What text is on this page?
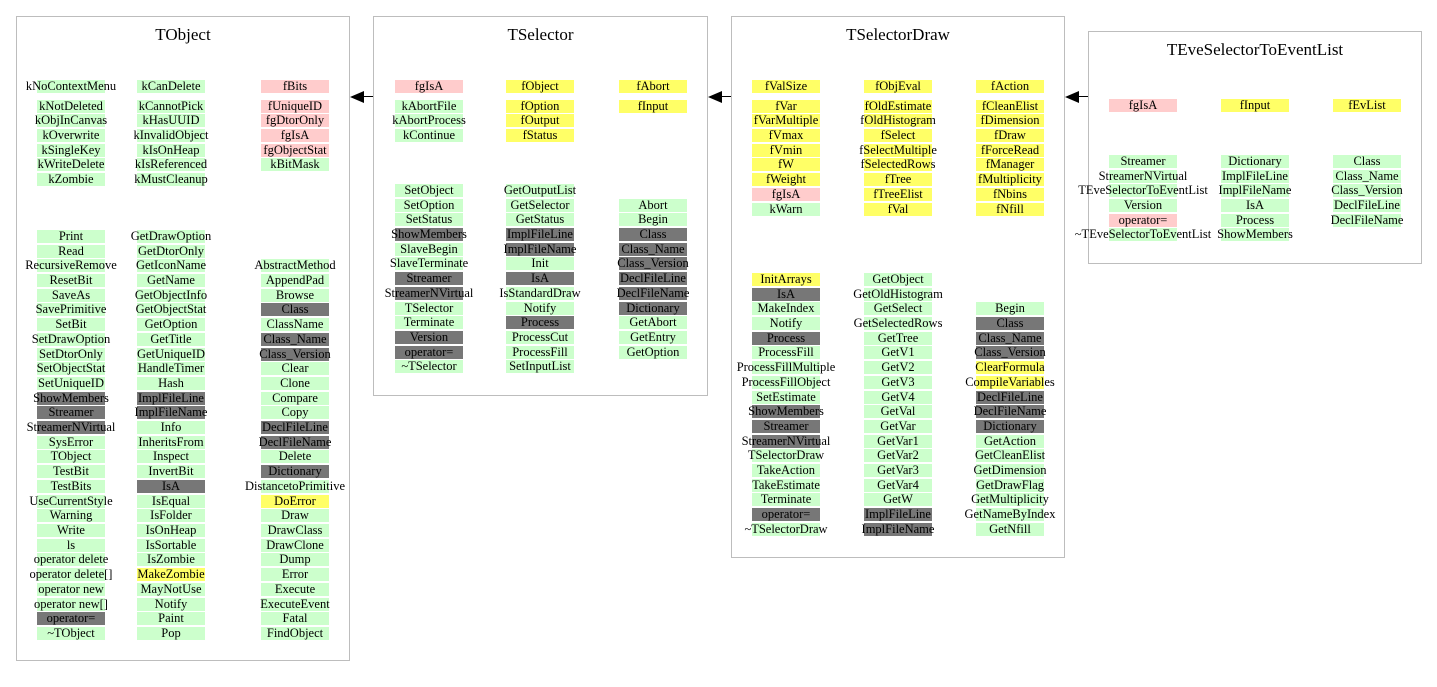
TObject	TSelector	TSelectorDraw
TEveSelectorToEventList
kNoContextMenu kCanDelete	fBits
kNotDeleted	kCannotPick	fUniqueID
kObjInCanvas	kHasUUID	fgDtorOnly
kOverwrite	kInvalidObject	fgIsA
kSingleKey	kIsOnHeap	fgObjectStat
kWriteDelete kIsReferenced	kBitMask
kZombie	kMustCleanup
Print	GetDrawOption
Read	GetDtorOnly
RecursiveRemove GetIconName	AbstractMethod
ResetBit	GetName	AppendPad
SaveAs	GetObjectInfo	Browse
SavePrimitive GetObjectStat	Class
SetBit	GetOption	ClassName
SetDrawOption	GetTitle	Class_Name
SetDtorOnly	GetUniqueID	Class_Version
SetObjectStat	HandleTimer	Clear
SetUniqueID	Hash	Clone
ShowMembers ImplFileLine	Compare
Streamer	ImplFileName	Copy
StreamerNVirtual	Info	DeclFileLine
SysError	InheritsFrom	DeclFileName
TObject	Inspect	Delete
TestBit	InvertBit	Dictionary
TestBits	IsA	DistancetoPrimitive
UseCurrentStyle	IsEqual	DoError
Warning	IsFolder	Draw
Write	IsOnHeap	DrawClass
ls	IsSortable	DrawClone
operator delete	IsZombie	Dump
operator delete[] MakeZombie	Error
operator new	MayNotUse	Execute
operator new[]	Notify	ExecuteEvent
operator=	Paint	Fatal
~TObject	Pop	FindObject
fgIsA	fObject	fAbort
kAbortFile	fOption	fInput
kAbortProcess	fOutput
kContinue	fStatus
SetObject	GetOutputList
SetOption	GetSelector	Abort
SetStatus	GetStatus	Begin
ShowMembers	ImplFileLine	Class
SlaveBegin	ImplFileName	Class_Name
SlaveTerminate	Init	Class_Version
Streamer	IsA	DeclFileLine
StreamerNVirtual IsStandardDraw	DeclFileName
TSelector	Notify	Dictionary
Terminate	Process	GetAbort
Version	ProcessCut	GetEntry
operator=	ProcessFill	GetOption
~TSelector	SetInputList
fValSize	fObjEval	fAction
fVar	fOldEstimate	fCleanElist
fVarMultiple	fOldHistogram	fDimension
fVmax	fSelect	fDraw
fVmin	fSelectMultiple	fForceRead
fW	fSelectedRows	fManager
fWeight	fTree	fMultiplicity
fgIsA	fTreeElist	fNbins
kWarn	fVal	fNfill
InitArrays	GetObject
IsA	GetOldHistogram
MakeIndex	GetSelect	Begin
Notify	GetSelectedRows	Class
Process	GetTree	Class_Name
ProcessFill	GetV1	Class_Version
ProcessFillMultiple	GetV2	ClearFormula
ProcessFillObject	GetV3	CompileVariables
SetEstimate	GetV4	DeclFileLine
ShowMembers	GetVal	DeclFileName
Streamer	GetVar	Dictionary
StreamerNVirtual	GetVar1	GetAction
TSelectorDraw	GetVar2	GetCleanElist
TakeAction	GetVar3	GetDimension
TakeEstimate	GetVar4	GetDrawFlag
Terminate	GetW	GetMultiplicity
operator=	ImplFileLine	GetNameByIndex
~TSelectorDraw	ImplFileName	GetNfill
fgIsA	fInput	fEvList
Streamer	Dictionary	Class
StreamerNVirtual	ImplFileLine	Class_Name
TEveSelectorToEventList ImplFileName	Class_Version
Version	IsA	DeclFileLine
operator=	Process	DeclFileName
~TEveSelectorToEventList ShowMembers
